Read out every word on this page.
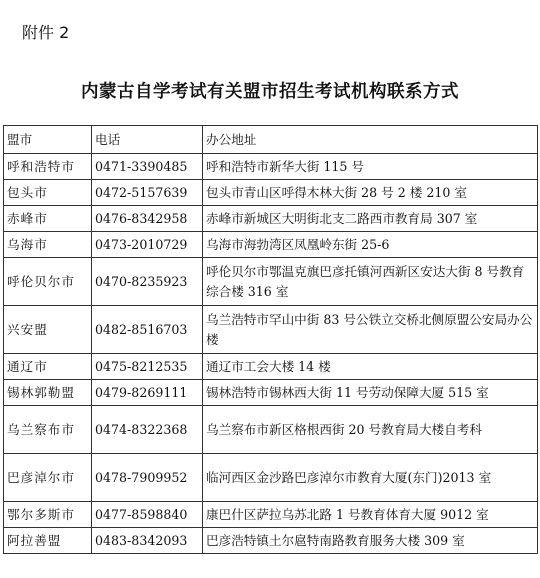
附件 2
内蒙古自学考试有关盟市招生考试机构联系方式
盟市	电话	办公地址
呼和浩特市	0471-3390485	呼和浩特市新华大街 115 号
包头市	0472-5157639	包头市青山区呼得木林大街 28 号 2 楼 210 室
赤峰市	0476-8342958	赤峰市新城区大明街北支二路西市教育局 307 室
乌海市	0473-2010729	乌海市海勃湾区凤凰岭东街 25-6
呼伦贝尔市	0470-8235923	呼伦贝尔市鄂温克旗巴彦托镇河西新区安达大街 8 号教育综合楼 316 室
兴安盟	0482-8516703	乌兰浩特市罕山中街 83 号公铁立交桥北侧原盟公安局办公楼
通辽市	0475-8212535	通辽市工会大楼 14 楼
锡林郭勒盟	0479-8269111	锡林浩特市锡林西大街 11 号劳动保障大厦 515 室
乌兰察布市	0474-8322368	乌兰察布市新区格根西街 20 号教育局大楼自考科
巴彦淖尔市	0478-7909952	临河西区金沙路巴彦淖尔市教育大厦(东门)2013 室
鄂尔多斯市	0477-8598840	康巴什区萨拉乌苏北路 1 号教育体育大厦 9012 室
阿拉善盟	0483-8342093	巴彦浩特镇土尔扈特南路教育服务大楼 309 室
